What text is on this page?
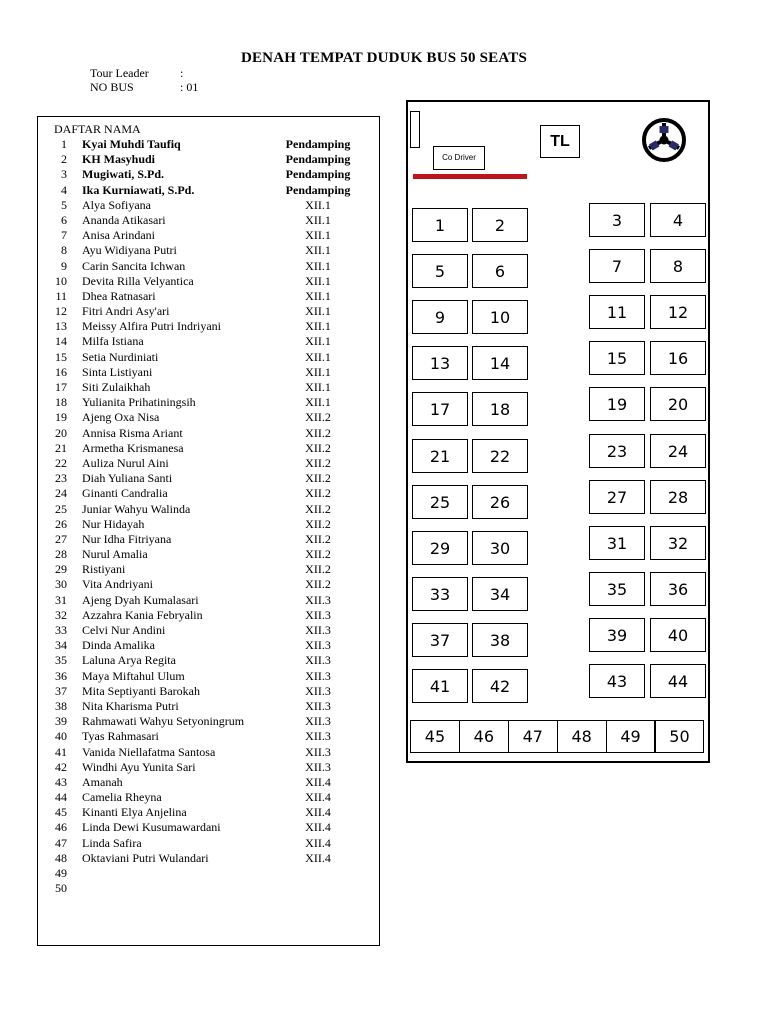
DENAH TEMPAT DUDUK BUS 50 SEATS
Tour Leader	:
NO BUS	: 01
DAFTAR NAMA
1 Kyai Muhdi Taufiq	Pendamping
2 KH Masyhudi	Pendamping
3 Mugiwati, S.Pd.	Pendamping
4 Ika Kurniawati, S.Pd.	Pendamping
5 Alya Sofiyana	XII.1
6 Ananda Atikasari	XII.1
7 Anisa Arindani	XII.1
8 Ayu Widiyana Putri	XII.1
9 Carin Sancita Ichwan	XII.1
10 Devita Rilla Velyantica	XII.1
11 Dhea Ratnasari	XII.1
12 Fitri Andri Asy'ari	XII.1
13 Meissy Alfira Putri Indriyani	XII.1
14 Milfa Istiana	XII.1
15 Setia Nurdiniati	XII.1
16 Sinta Listiyani	XII.1
17 Siti Zulaikhah	XII.1
18 Yulianita Prihatiningsih	XII.1
19 Ajeng Oxa Nisa	XII.2
20 Annisa Risma Ariant	XII.2
21 Armetha Krismanesa	XII.2
22 Auliza Nurul Aini	XII.2
23 Diah Yuliana Santi	XII.2
24 Ginanti Candralia	XII.2
25 Juniar Wahyu Walinda	XII.2
26 Nur Hidayah	XII.2
27 Nur Idha Fitriyana	XII.2
28 Nurul Amalia	XII.2
29 Ristiyani	XII.2
30 Vita Andriyani	XII.2
31 Ajeng Dyah Kumalasari	XII.3
32 Azzahra Kania Febryalin	XII.3
33 Celvi Nur Andini	XII.3
34 Dinda Amalika	XII.3
35 Laluna Arya Regita	XII.3
36 Maya Miftahul Ulum	XII.3
37 Mita Septiyanti Barokah	XII.3
38 Nita Kharisma Putri	XII.3
39 Rahmawati Wahyu Setyoningrum	XII.3
40 Tyas Rahmasari	XII.3
41 Vanida Niellafatma Santosa	XII.3
42 Windhi Ayu Yunita Sari	XII.3
43 Amanah	XII.4
44 Camelia Rheyna	XII.4
45 Kinanti Elya Anjelina	XII.4
46 Linda Dewi Kusumawardani	XII.4
47 Linda Safira	XII.4
48 Oktaviani Putri Wulandari	XII.4
49
50
Co Driver
TL
1	2	3	4
5	6	7	8
9	10	11	12
13	14	15	16
17	18	19	20
21	22	23	24
25	26	27	28
29	30	31	32
33	34	35	36
37	38	39	40
41	42	43	44
45	46	47	48	49	50
